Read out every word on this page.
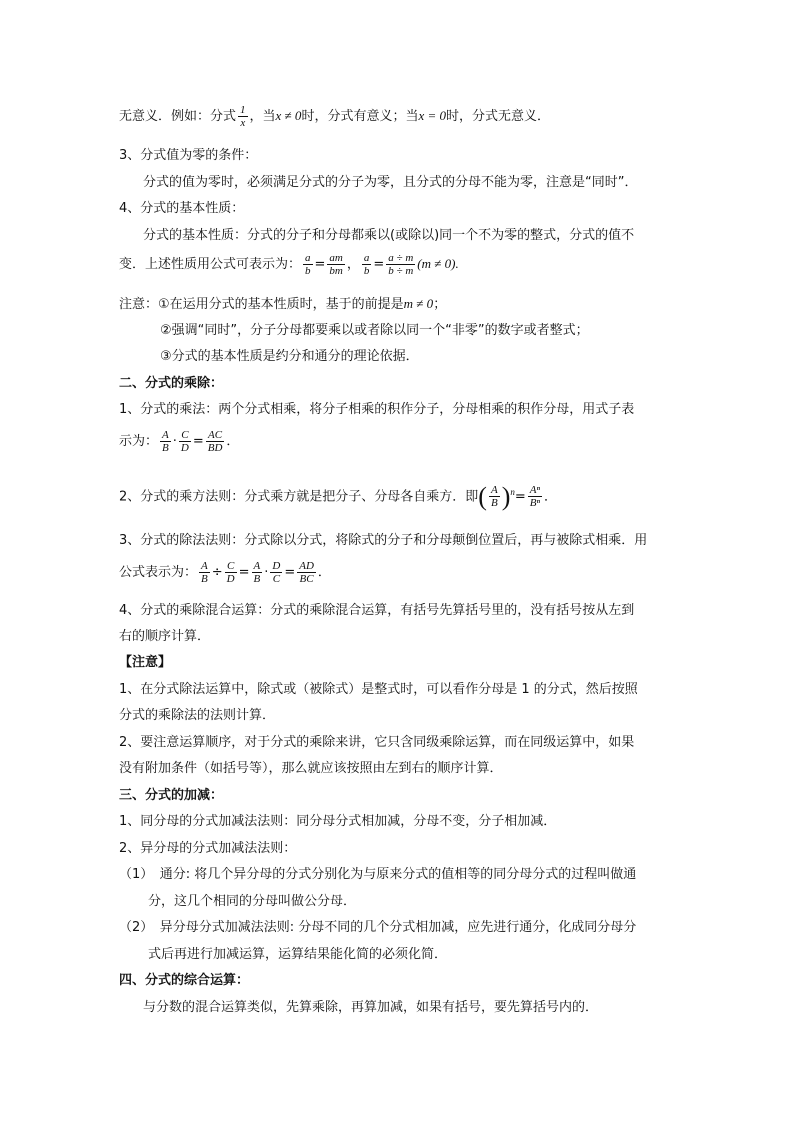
无意义．例如：分式 $\frac{1}{x}$ ，当x ≠ 0时，分式有意义；当x = 0时，分式无意义．
3、分式值为零的条件：
分式的值为零时，必须满足分式的分子为零，且分式的分母不能为零，注意是“同时”．
4、分式的基本性质：
分式的基本性质：分式的分子和分母都乘以(或除以)同一个不为零的整式，分式的值不
变．上述性质用公式可表示为： $\frac{a}{b} = \frac{am}{bm}$ ， $\frac{a}{b} = \frac{a \div m}{b \div m} (m \ne 0)$.
注意：①在运用分式的基本性质时，基于的前提是m ≠ 0；
②强调“同时”，分子分母都要乘以或者除以同一个“非零”的数字或者整式；
③分式的基本性质是约分和通分的理论依据．
二、分式的乘除：
1、分式的乘法：两个分式相乘，将分子相乘的积作分子，分母相乘的积作分母，用式子表
示为： $\frac{A}{B} \cdot \frac{C}{D} = \frac{AC}{BD}$ ．
2、分式的乘方法则：分式乘方就是把分子、分母各自乘方．即( $\frac{A}{B} )^n= \frac{\text{Aⁿ}}{\text{Bⁿ}}$ ．
3、分式的除法法则：分式除以分式，将除式的分子和分母颠倒位置后，再与被除式相乘．用
公式表示为： $\frac{A}{B} \div \frac{C}{D} = \frac{A}{B} \cdot \frac{D}{C} = \frac{AD}{BC}$ ．
4、分式的乘除混合运算：分式的乘除混合运算，有括号先算括号里的，没有括号按从左到
右的顺序计算．
【注意】
1、在分式除法运算中，除式或（被除式）是整式时，可以看作分母是 1 的分式，然后按照
分式的乘除法的法则计算．
2、要注意运算顺序，对于分式的乘除来讲，它只含同级乘除运算，而在同级运算中，如果
没有附加条件（如括号等），那么就应该按照由左到右的顺序计算．
三、分式的加减：
1、同分母的分式加减法法则：同分母分式相加减，分母不变，分子相加减．
2、异分母的分式加减法法则：
（1）　通分: 将几个异分母的分式分别化为与原来分式的值相等的同分母分式的过程叫做通
分，这几个相同的分母叫做公分母．
（2）　异分母分式加减法法则: 分母不同的几个分式相加减，应先进行通分，化成同分母分
式后再进行加减运算，运算结果能化简的必须化简．
四、分式的综合运算：
与分数的混合运算类似，先算乘除，再算加减，如果有括号，要先算括号内的．
